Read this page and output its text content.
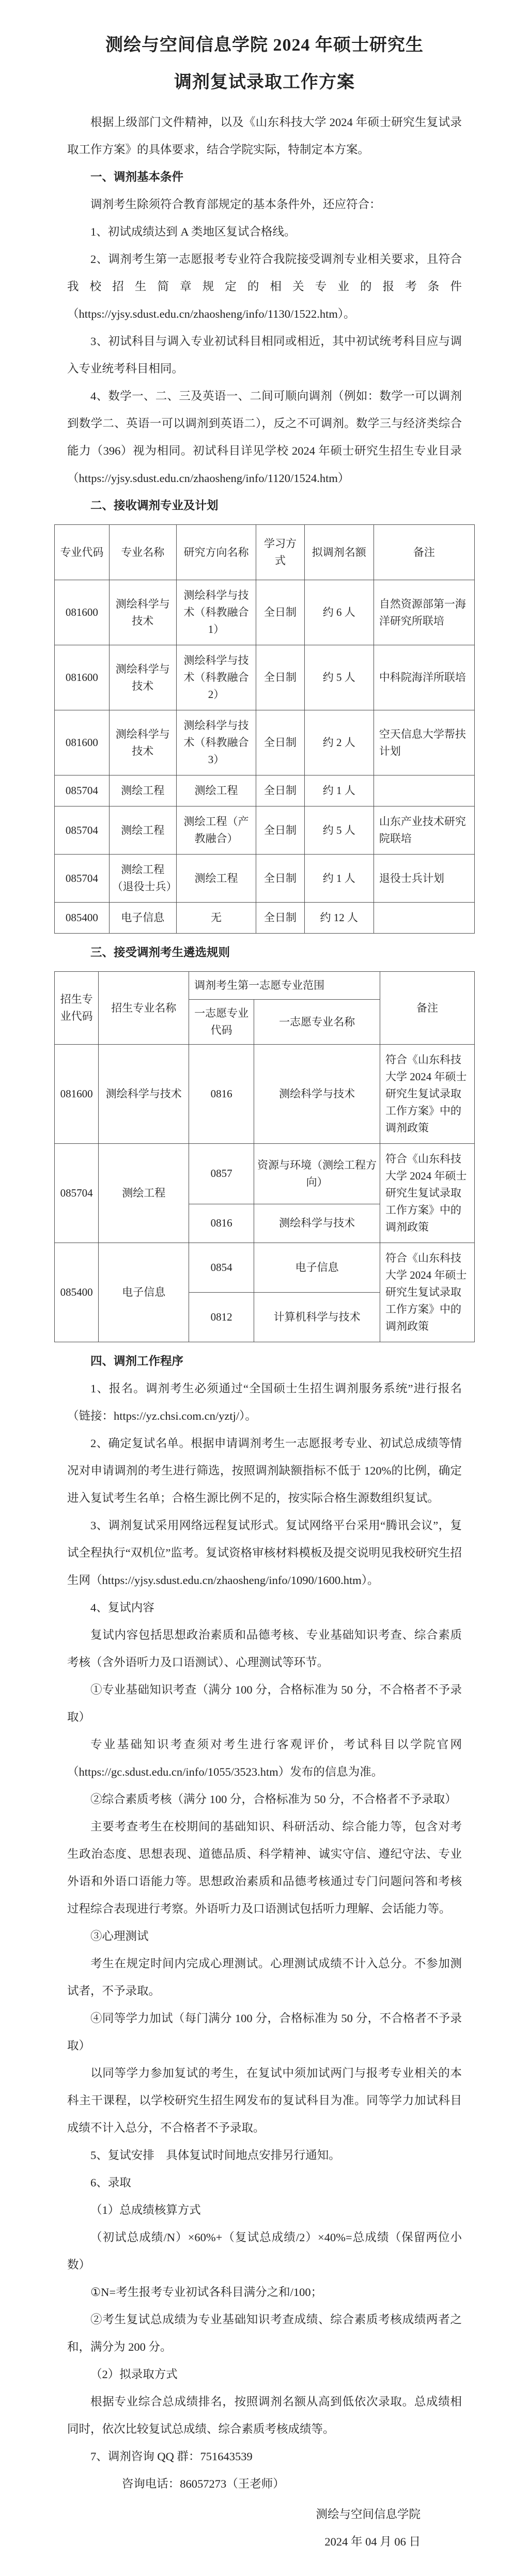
测绘与空间信息学院 2024 年硕士研究生
调剂复试录取工作方案

根据上级部门文件精神，以及《山东科技大学 2024 年硕士研究生复试录取工作方案》的具体要求，结合学院实际，特制定本方案。

一、调剂基本条件

调剂考生除须符合教育部规定的基本条件外，还应符合：

1、初试成绩达到 A 类地区复试合格线。

2、调剂考生第一志愿报考专业符合我院接受调剂专业相关要求，且符合我校招生简章规定的相关专业的报考条件（https://yjsy.sdust.edu.cn/zhaosheng/info/1130/1522.htm）。

3、初试科目与调入专业初试科目相同或相近，其中初试统考科目应与调入专业统考科目相同。

4、数学一、二、三及英语一、二间可顺向调剂（例如：数学一可以调剂到数学二、英语一可以调剂到英语二），反之不可调剂。数学三与经济类综合能力（396）视为相同。初试科目详见学校 2024 年硕士研究生招生专业目录（https://yjsy.sdust.edu.cn/zhaosheng/info/1120/1524.htm）

二、接收调剂专业及计划

专业代码	专业名称	研究方向名称	学习方式	拟调剂名额	备注
081600	测绘科学与技术	测绘科学与技术（科教融合 1）	全日制	约 6 人	自然资源部第一海洋研究所联培
081600	测绘科学与技术	测绘科学与技术（科教融合 2）	全日制	约 5 人	中科院海洋所联培
081600	测绘科学与技术	测绘科学与技术（科教融合 3）	全日制	约 2 人	空天信息大学帮扶计划
085704	测绘工程	测绘工程	全日制	约 1 人	
085704	测绘工程	测绘工程（产教融合）	全日制	约 5 人	山东产业技术研究院联培
085704	测绘工程（退役士兵）	测绘工程	全日制	约 1 人	退役士兵计划
085400	电子信息	无	全日制	约 12 人	

三、接受调剂考生遴选规则

招生专业代码	招生专业名称	调剂考生第一志愿专业范围		备注
		一志愿专业代码	一志愿专业名称	
081600	测绘科学与技术	0816	测绘科学与技术	符合《山东科技大学 2024 年硕士研究生复试录取工作方案》中的调剂政策
085704	测绘工程	0857	资源与环境（测绘工程方向）	符合《山东科技大学 2024 年硕士研究生复试录取工作方案》中的调剂政策
		0816	测绘科学与技术	
085400	电子信息	0854	电子信息	符合《山东科技大学 2024 年硕士研究生复试录取工作方案》中的调剂政策
		0812	计算机科学与技术	

四、调剂工作程序

1、报名。调剂考生必须通过“全国硕士生招生调剂服务系统”进行报名（链接：https://yz.chsi.com.cn/yztj/）。

2、确定复试名单。根据申请调剂考生一志愿报考专业、初试总成绩等情况对申请调剂的考生进行筛选，按照调剂缺额指标不低于 120%的比例，确定进入复试考生名单；合格生源比例不足的，按实际合格生源数组织复试。

3、调剂复试采用网络远程复试形式。复试网络平台采用“腾讯会议”，复试全程执行“双机位”监考。复试资格审核材料模板及提交说明见我校研究生招生网（https://yjsy.sdust.edu.cn/zhaosheng/info/1090/1600.htm）。

4、复试内容

复试内容包括思想政治素质和品德考核、专业基础知识考查、综合素质考核（含外语听力及口语测试）、心理测试等环节。

①专业基础知识考查（满分 100 分，合格标准为 50 分，不合格者不予录取）

专业基础知识考查须对考生进行客观评价，考试科目以学院官网（https://gc.sdust.edu.cn/info/1055/3523.htm）发布的信息为准。

②综合素质考核（满分 100 分，合格标准为 50 分，不合格者不予录取）

主要考查考生在校期间的基础知识、科研活动、综合能力等，包含对考生政治态度、思想表现、道德品质、科学精神、诚实守信、遵纪守法、专业外语和外语口语能力等。思想政治素质和品德考核通过专门问题问答和考核过程综合表现进行考察。外语听力及口语测试包括听力理解、会话能力等。

③心理测试

考生在规定时间内完成心理测试。心理测试成绩不计入总分。不参加测试者，不予录取。

④同等学力加试（每门满分 100 分，合格标准为 50 分，不合格者不予录取）

以同等学力参加复试的考生，在复试中须加试两门与报考专业相关的本科主干课程，以学校研究生招生网发布的复试科目为准。同等学力加试科目成绩不计入总分，不合格者不予录取。

5、复试安排　具体复试时间地点安排另行通知。

6、录取

（1）总成绩核算方式

（初试总成绩/N）×60%+（复试总成绩/2）×40%=总成绩（保留两位小数）

①N=考生报考专业初试各科目满分之和/100；

②考生复试总成绩为专业基础知识考查成绩、综合素质考核成绩两者之和，满分为 200 分。

（2）拟录取方式

根据专业综合总成绩排名，按照调剂名额从高到低依次录取。总成绩相同时，依次比较复试总成绩、综合素质考核成绩等。

7、调剂咨询 QQ 群：751643539

咨询电话：86057273（王老师）

测绘与空间信息学院

2024 年 04 月 06 日
